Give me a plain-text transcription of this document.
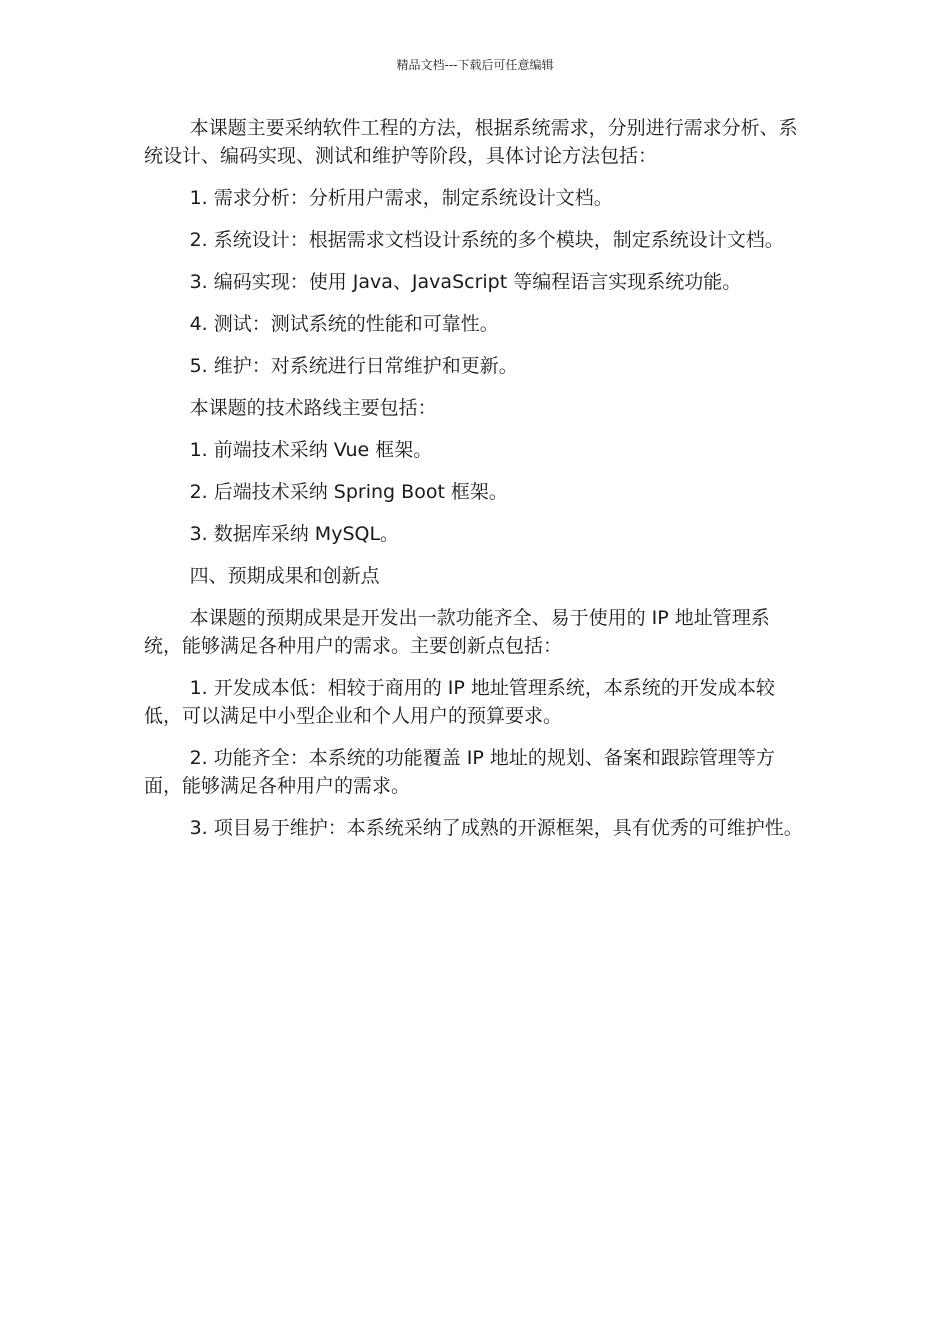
精品文档---下载后可任意编辑

本课题主要采纳软件工程的方法，根据系统需求，分别进行需求分析、系统设计、编码实现、测试和维护等阶段，具体讨论方法包括：

1. 需求分析：分析用户需求，制定系统设计文档。

2. 系统设计：根据需求文档设计系统的多个模块，制定系统设计文档。

3. 编码实现：使用 Java、JavaScript 等编程语言实现系统功能。

4. 测试：测试系统的性能和可靠性。

5. 维护：对系统进行日常维护和更新。

本课题的技术路线主要包括：

1. 前端技术采纳 Vue 框架。

2. 后端技术采纳 Spring Boot 框架。

3. 数据库采纳 MySQL。

四、预期成果和创新点

本课题的预期成果是开发出一款功能齐全、易于使用的 IP 地址管理系统，能够满足各种用户的需求。主要创新点包括：

1. 开发成本低：相较于商用的 IP 地址管理系统，本系统的开发成本较低，可以满足中小型企业和个人用户的预算要求。

2. 功能齐全：本系统的功能覆盖 IP 地址的规划、备案和跟踪管理等方面，能够满足各种用户的需求。

3. 项目易于维护：本系统采纳了成熟的开源框架，具有优秀的可维护性。
